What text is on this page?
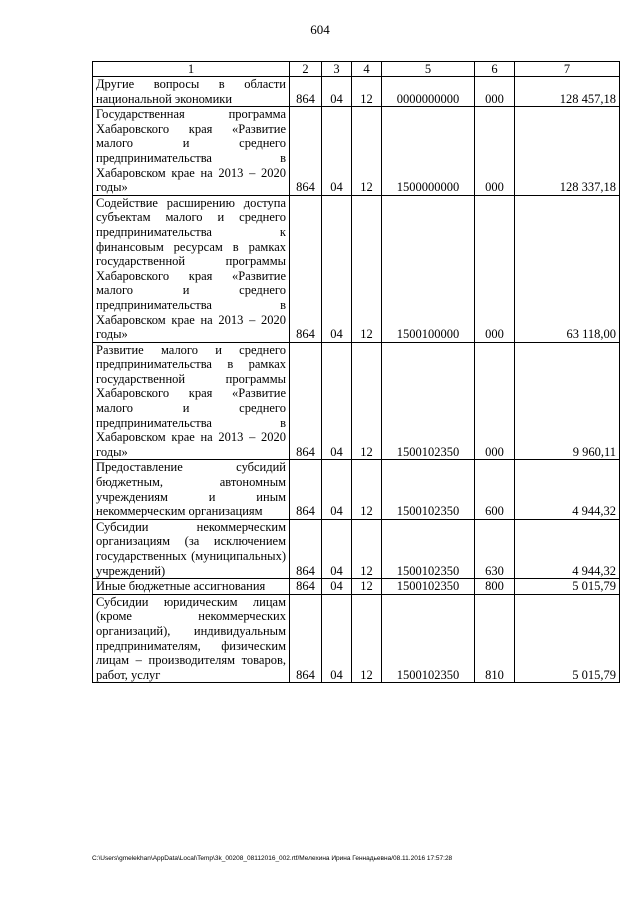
604
1	2	3	4	5	6	7
Другие вопросы в области национальной экономики	864	04	12	0000000000	000	128 457,18
Государственная программа Хабаровского края «Развитие малого и среднего предпринимательства в Хабаровском крае на 2013 – 2020 годы»	864	04	12	1500000000	000	128 337,18
Содействие расширению доступа субъектам малого и среднего предпринимательства к финансовым ресурсам в рамках государственной программы Хабаровского края «Развитие малого и среднего предпринимательства в Хабаровском крае на 2013 – 2020 годы»	864	04	12	1500100000	000	63 118,00
Развитие малого и среднего предпринимательства в рамках государственной программы Хабаровского края «Развитие малого и среднего предпринимательства в Хабаровском крае на 2013 – 2020 годы»	864	04	12	1500102350	000	9 960,11
Предоставление субсидий бюджетным, автономным учреждениям и иным некоммерческим организациям	864	04	12	1500102350	600	4 944,32
Субсидии некоммерческим организациям (за исключением государственных (муниципальных) учреждений)	864	04	12	1500102350	630	4 944,32
Иные бюджетные ассигнования	864	04	12	1500102350	800	5 015,79
Субсидии юридическим лицам (кроме некоммерческих организаций), индивидуальным предпринимателям, физическим лицам – производителям товаров, работ, услуг	864	04	12	1500102350	810	5 015,79
C:\Users\gmelekhan\AppData\Local\Temp\3k_00208_08112016_002.rtf/Мелехина Ирина Геннадьевна/08.11.2016 17:57:28
